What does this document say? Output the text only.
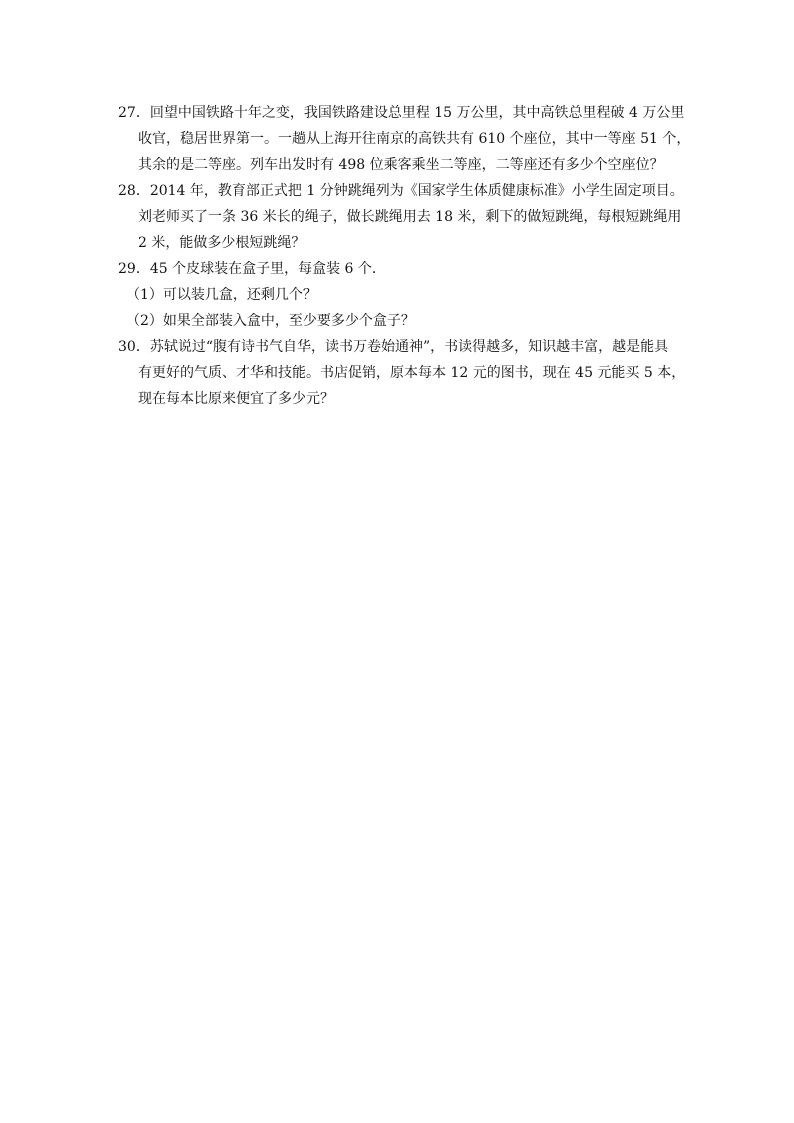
27．回望中国铁路十年之变，我国铁路建设总里程 15 万公里，其中高铁总里程破 4 万公里
收官，稳居世界第一。一趟从上海开往南京的高铁共有 610 个座位，其中一等座 51 个，
其余的是二等座。列车出发时有 498 位乘客乘坐二等座，二等座还有多少个空座位？
28．2014 年，教育部正式把 1 分钟跳绳列为《国家学生体质健康标准》小学生固定项目。
刘老师买了一条 36 米长的绳子，做长跳绳用去 18 米，剩下的做短跳绳，每根短跳绳用
2 米，能做多少根短跳绳？
29．45 个皮球装在盒子里，每盒装 6 个．
（1）可以装几盒，还剩几个？
（2）如果全部装入盒中，至少要多少个盒子？
30．苏轼说过“腹有诗书气自华，读书万卷始通神”，书读得越多，知识越丰富，越是能具
有更好的气质、才华和技能。书店促销，原本每本 12 元的图书，现在 45 元能买 5 本，
现在每本比原来便宜了多少元？
